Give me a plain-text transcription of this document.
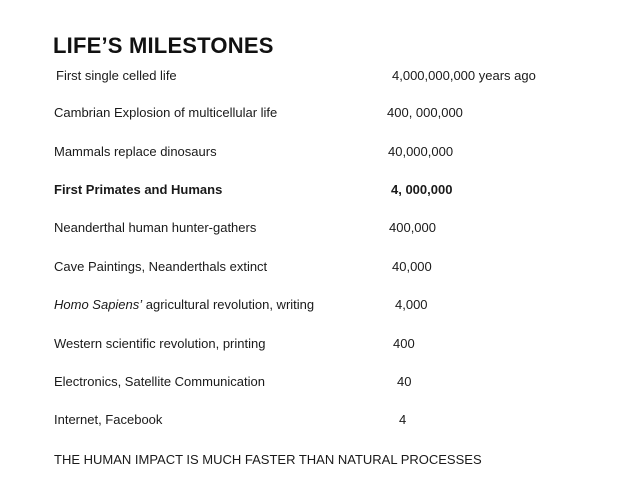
LIFE’S MILESTONES
First single celled life	4,000,000,000 years ago
Cambrian Explosion of multicellular life	400, 000,000
Mammals replace dinosaurs	40,000,000
First Primates and Humans	4, 000,000
Neanderthal human hunter-gathers	400,000
Cave Paintings, Neanderthals extinct	40,000
Homo Sapiens’ agricultural revolution, writing	4,000
Western scientific revolution, printing	400
Electronics, Satellite Communication	40
Internet, Facebook	4
THE HUMAN IMPACT IS MUCH FASTER THAN NATURAL PROCESSES
